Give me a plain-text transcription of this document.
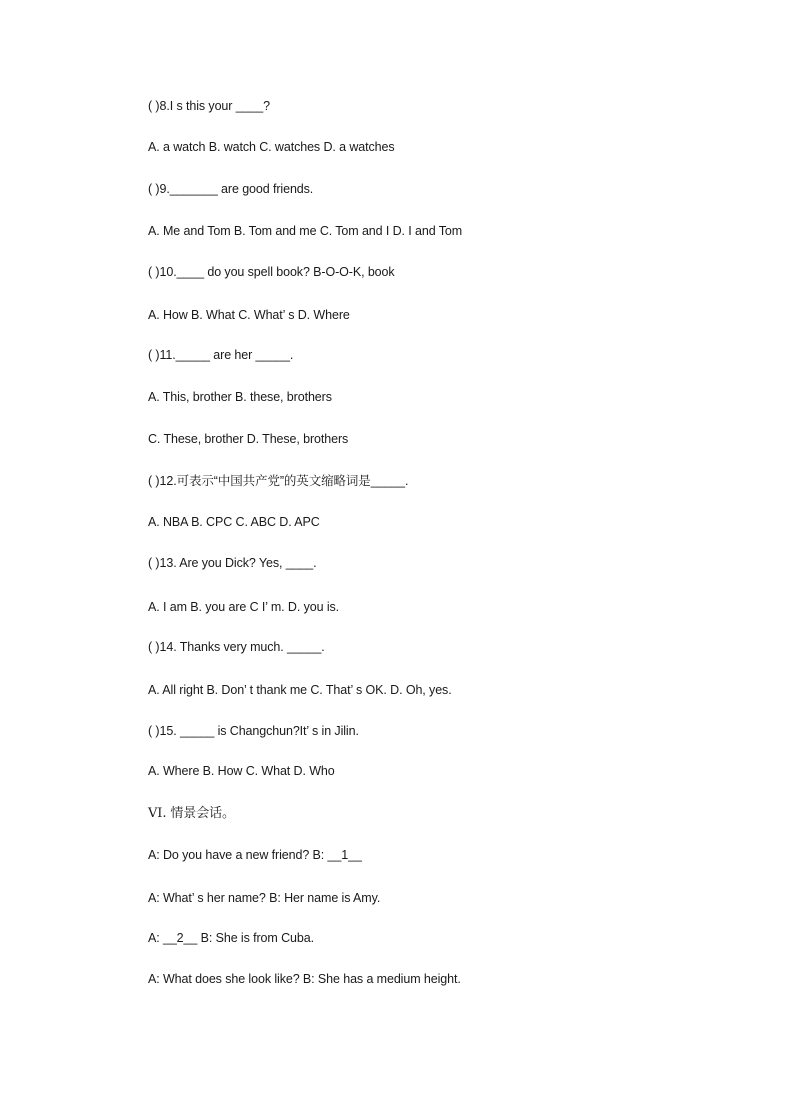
( )8.I s this your ____?
A. a watch B. watch C. watches D. a watches
( )9._______ are good friends.
A. Me and Tom B. Tom and me C. Tom and I D. I and Tom
( )10.____ do you spell book? B-O-O-K, book
A. How B. What C. What’ s D. Where
( )11._____ are her _____.
A. This, brother B. these, brothers
C. These, brother D. These, brothers
( )12.可表示“中国共产党”的英文缩略词是_____.
A. NBA B. CPC C. ABC D. APC
( )13. Are you Dick? Yes, ____.
A. I am B. you are C I’ m. D. you is.
( )14. Thanks very much. _____.
A. All right B. Don’ t thank me C. That’ s OK. D. Oh, yes.
( )15. _____ is Changchun?It’ s in Jilin.
A. Where B. How C. What D. Who
VI. 情景会话。
A: Do you have a new friend? B: __1__
A: What’ s her name? B: Her name is Amy.
A: __2__ B: She is from Cuba.
A: What does she look like? B: She has a medium height.
